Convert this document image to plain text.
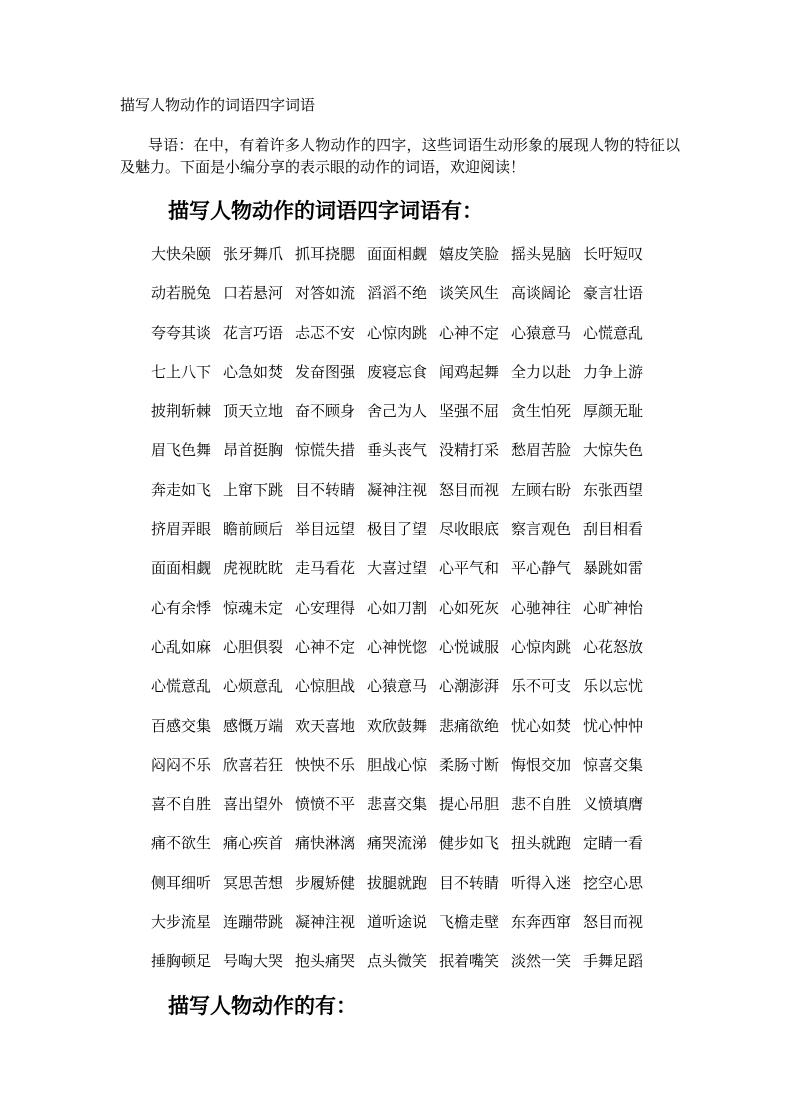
描写人物动作的词语四字词语
导语：在中，有着许多人物动作的四字，这些词语生动形象的展现人物的特征以及魅力。下面是小编分享的表示眼的动作的词语，欢迎阅读！
描写人物动作的词语四字词语有：
大快朵颐 张牙舞爪 抓耳挠腮 面面相觑 嬉皮笑脸 摇头晃脑 长吁短叹
动若脱兔 口若悬河 对答如流 滔滔不绝 谈笑风生 高谈阔论 豪言壮语
夸夸其谈 花言巧语 忐忑不安 心惊肉跳 心神不定 心猿意马 心慌意乱
七上八下 心急如焚 发奋图强 废寝忘食 闻鸡起舞 全力以赴 力争上游
披荆斩棘 顶天立地 奋不顾身 舍己为人 坚强不屈 贪生怕死 厚颜无耻
眉飞色舞 昂首挺胸 惊慌失措 垂头丧气 没精打采 愁眉苦脸 大惊失色
奔走如飞 上窜下跳 目不转睛 凝神注视 怒目而视 左顾右盼 东张西望
挤眉弄眼 瞻前顾后 举目远望 极目了望 尽收眼底 察言观色 刮目相看
面面相觑 虎视眈眈 走马看花 大喜过望 心平气和 平心静气 暴跳如雷
心有余悸 惊魂未定 心安理得 心如刀割 心如死灰 心驰神往 心旷神怡
心乱如麻 心胆俱裂 心神不定 心神恍惚 心悦诚服 心惊肉跳 心花怒放
心慌意乱 心烦意乱 心惊胆战 心猿意马 心潮澎湃 乐不可支 乐以忘忧
百感交集 感慨万端 欢天喜地 欢欣鼓舞 悲痛欲绝 忧心如焚 忧心忡忡
闷闷不乐 欣喜若狂 怏怏不乐 胆战心惊 柔肠寸断 悔恨交加 惊喜交集
喜不自胜 喜出望外 愤愤不平 悲喜交集 提心吊胆 悲不自胜 义愤填膺
痛不欲生 痛心疾首 痛快淋漓 痛哭流涕 健步如飞 扭头就跑 定睛一看
侧耳细听 冥思苦想 步履矫健 拔腿就跑 目不转睛 听得入迷 挖空心思
大步流星 连蹦带跳 凝神注视 道听途说 飞檐走壁 东奔西窜 怒目而视
捶胸顿足 号啕大哭 抱头痛哭 点头微笑 抿着嘴笑 淡然一笑 手舞足蹈
描写人物动作的有：
